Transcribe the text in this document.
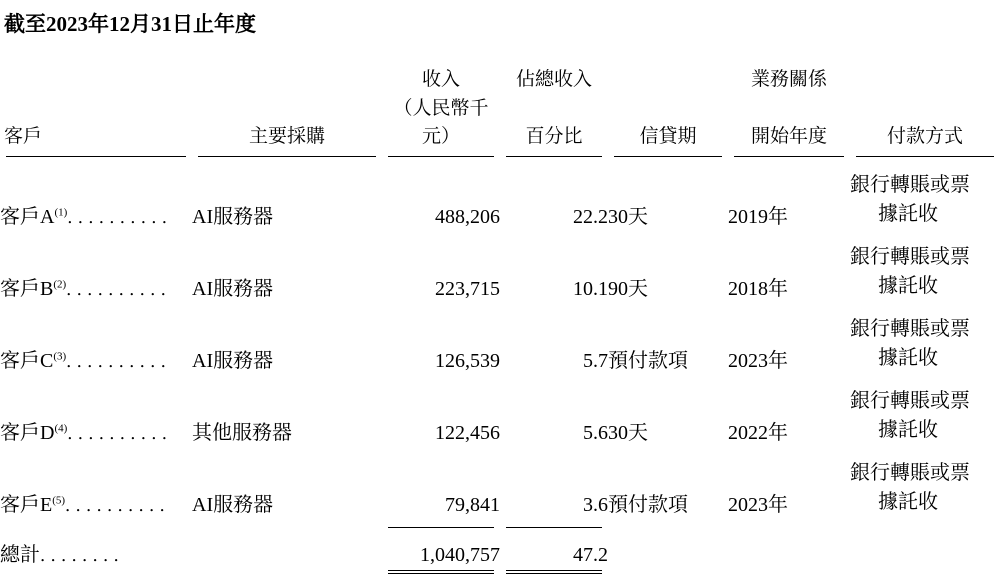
截至2023年12月31日止年度
		收入	佔總收入		業務關係	
客戶	主要採購	（人民幣千元）	百分比	信貸期	開始年度	付款方式

客戶$A^{(1)}$．．．．．．．．．．	AI服務器	488,206	22.2	30天	2019年	銀行轉賬或票
據託收

客戶$B^{(2)}$．．．．．．．．．．	AI服務器	223,715	10.1	90天	2018年	銀行轉賬或票
據託收

客戶$C^{(3)}$．．．．．．．．．．	AI服務器	126,539	5.7	預付款項	2023年	銀行轉賬或票
據託收

客戶$D^{(4)}$．．．．．．．．．．	其他服務器	122,456	5.6	30天	2022年	銀行轉賬或票
據託收

客戶$E^{(5)}$．．．．．．．．．．	AI服務器	79,841	3.6	預付款項	2023年	銀行轉賬或票
據託收

總計．．．．．．．．		1,040,757	47.2			
